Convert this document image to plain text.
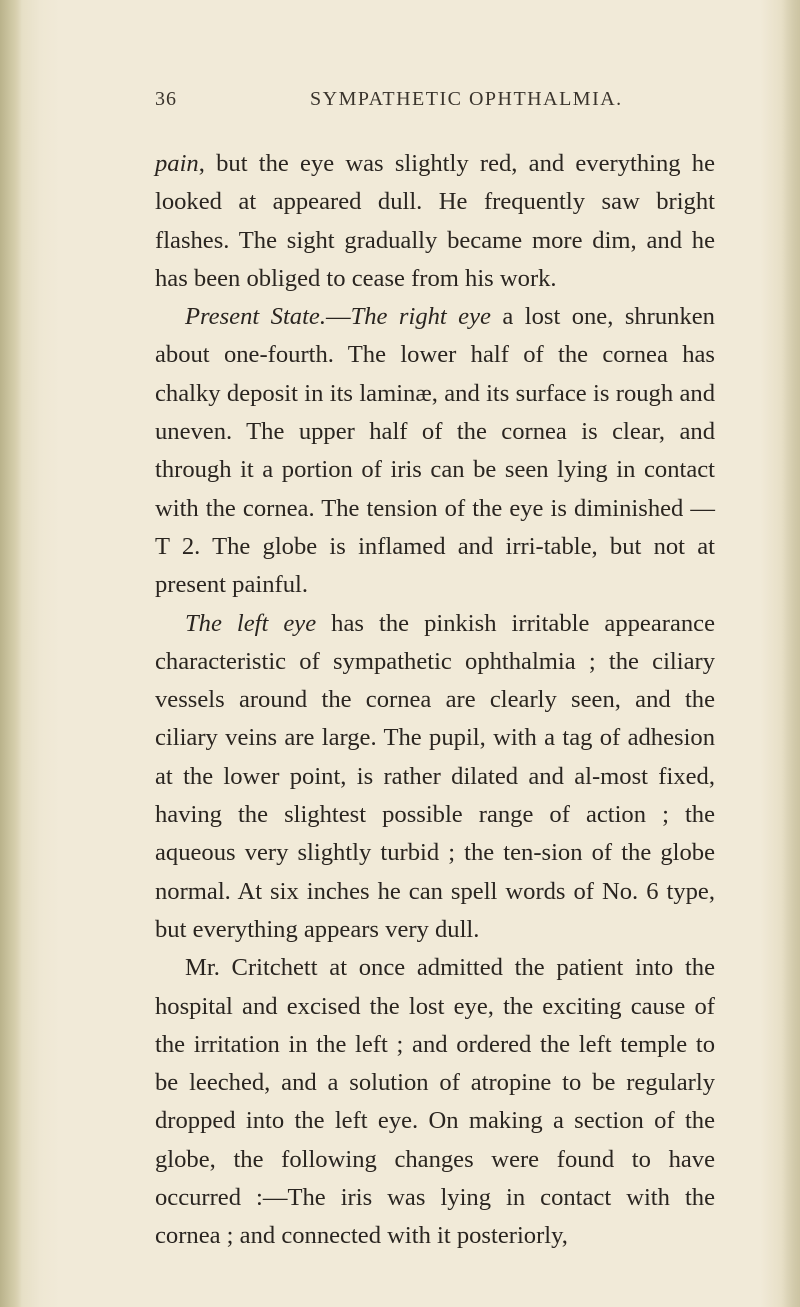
36	SYMPATHETIC OPHTHALMIA.

pain, but the eye was slightly red, and everything he looked at appeared dull. He frequently saw bright flashes. The sight gradually became more dim, and he has been obliged to cease from his work.

Present State.—The right eye a lost one, shrunken about one-fourth. The lower half of the cornea has chalky deposit in its laminæ, and its surface is rough and uneven. The upper half of the cornea is clear, and through it a portion of iris can be seen lying in contact with the cornea. The tension of the eye is diminished — T 2. The globe is inflamed and irri-table, but not at present painful.

The left eye has the pinkish irritable appearance characteristic of sympathetic ophthalmia ; the ciliary vessels around the cornea are clearly seen, and the ciliary veins are large. The pupil, with a tag of adhesion at the lower point, is rather dilated and al-most fixed, having the slightest possible range of action ; the aqueous very slightly turbid ; the ten-sion of the globe normal. At six inches he can spell words of No. 6 type, but everything appears very dull.

Mr. Critchett at once admitted the patient into the hospital and excised the lost eye, the exciting cause of the irritation in the left ; and ordered the left temple to be leeched, and a solution of atropine to be regularly dropped into the left eye. On making a section of the globe, the following changes were found to have occurred :—The iris was lying in contact with the cornea ; and connected with it posteriorly,
